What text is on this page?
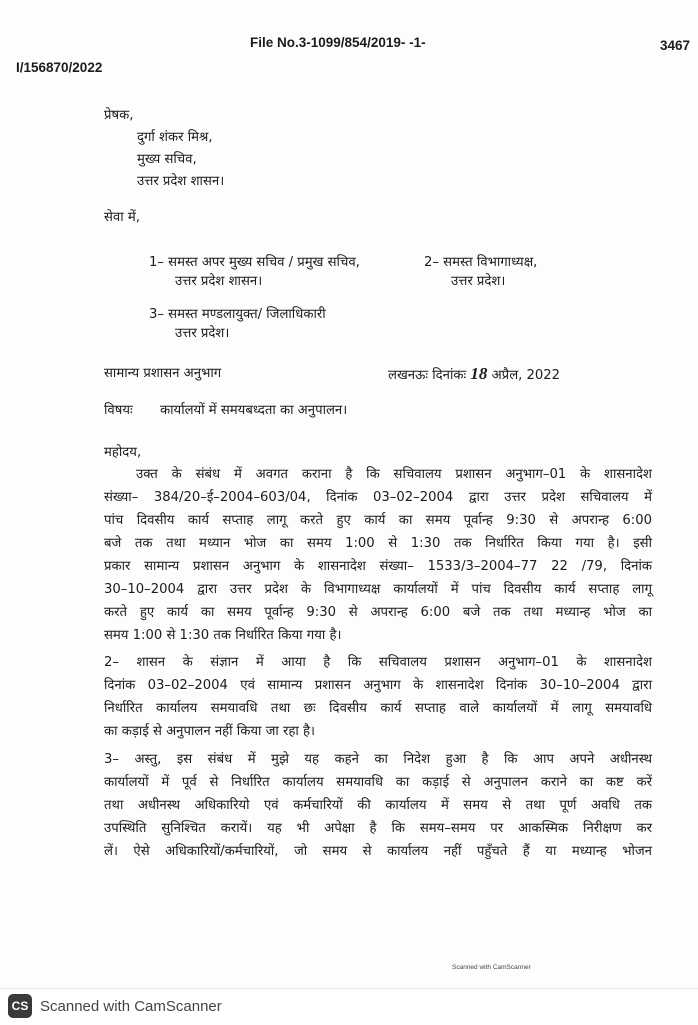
File No.3-1099/854/2019- -1-	3467
I/156870/2022
प्रेषक,
दुर्गा शंकर मिश्र,
मुख्य सचिव,
उत्तर प्रदेश शासन।
सेवा में,
1– समस्त अपर मुख्य सचिव / प्रमुख सचिव,
उत्तर प्रदेश शासन।
2– समस्त विभागाध्यक्ष,
उत्तर प्रदेश।
3– समस्त मण्डलायुक्त/ जिलाधिकारी
उत्तर प्रदेश।
सामान्य प्रशासन अनुभाग	लखनऊः दिनांकः 18 अप्रैल, 2022
विषयः कार्यालयों में समयबध्दता का अनुपालन।
महोदय,
उक्त के संबंध में अवगत कराना है कि सचिवालय प्रशासन अनुभाग–01 के शासनादेश
संख्या– 384/20–ई–2004–603/04, दिनांक 03–02–2004 द्वारा उत्तर प्रदेश सचिवालय में
पांच दिवसीय कार्य सप्ताह लागू करते हुए कार्य का समय पूर्वान्ह 9:30 से अपरान्ह 6:00
बजे तक तथा मध्यान भोज का समय 1:00 से 1:30 तक निर्धारित किया गया है। इसी
प्रकार सामान्य प्रशासन अनुभाग के शासनादेश संख्या– 1533/3–2004–77 22 /79, दिनांक
30–10–2004 द्वारा उत्तर प्रदेश के विभागाध्यक्ष कार्यालयों में पांच दिवसीय कार्य सप्ताह लागू
करते हुए कार्य का समय पूर्वान्ह 9:30 से अपरान्ह 6:00 बजे तक तथा मध्यान्ह भोज का
समय 1:00 से 1:30 तक निर्धारित किया गया है।
2– शासन के संज्ञान में आया है कि सचिवालय प्रशासन अनुभाग–01 के शासनादेश
दिनांक 03–02–2004 एवं सामान्य प्रशासन अनुभाग के शासनादेश दिनांक 30–10–2004 द्वारा
निर्धारित कार्यालय समयावधि तथा छः दिवसीय कार्य सप्ताह वाले कार्यालयों में लागू समयावधि
का कड़ाई से अनुपालन नहीं किया जा रहा है।
3– अस्तु, इस संबंध में मुझे यह कहने का निदेश हुआ है कि आप अपने अधीनस्थ
कार्यालयों में पूर्व से निर्धारित कार्यालय समयावधि का कड़ाई से अनुपालन कराने का कष्ट करें
तथा अधीनस्थ अधिकारियो एवं कर्मचारियों की कार्यालय में समय से तथा पूर्ण अवधि तक
उपस्थिति सुनिश्चित करायें। यह भी अपेक्षा है कि समय–समय पर आकस्मिक निरीक्षण कर
लें। ऐसे अधिकारियों/कर्मचारियों, जो समय से कार्यालय नहीं पहुँचते हैं या मध्यान्ह भोजन
Scanned with CamScanner
CS Scanned with CamScanner
